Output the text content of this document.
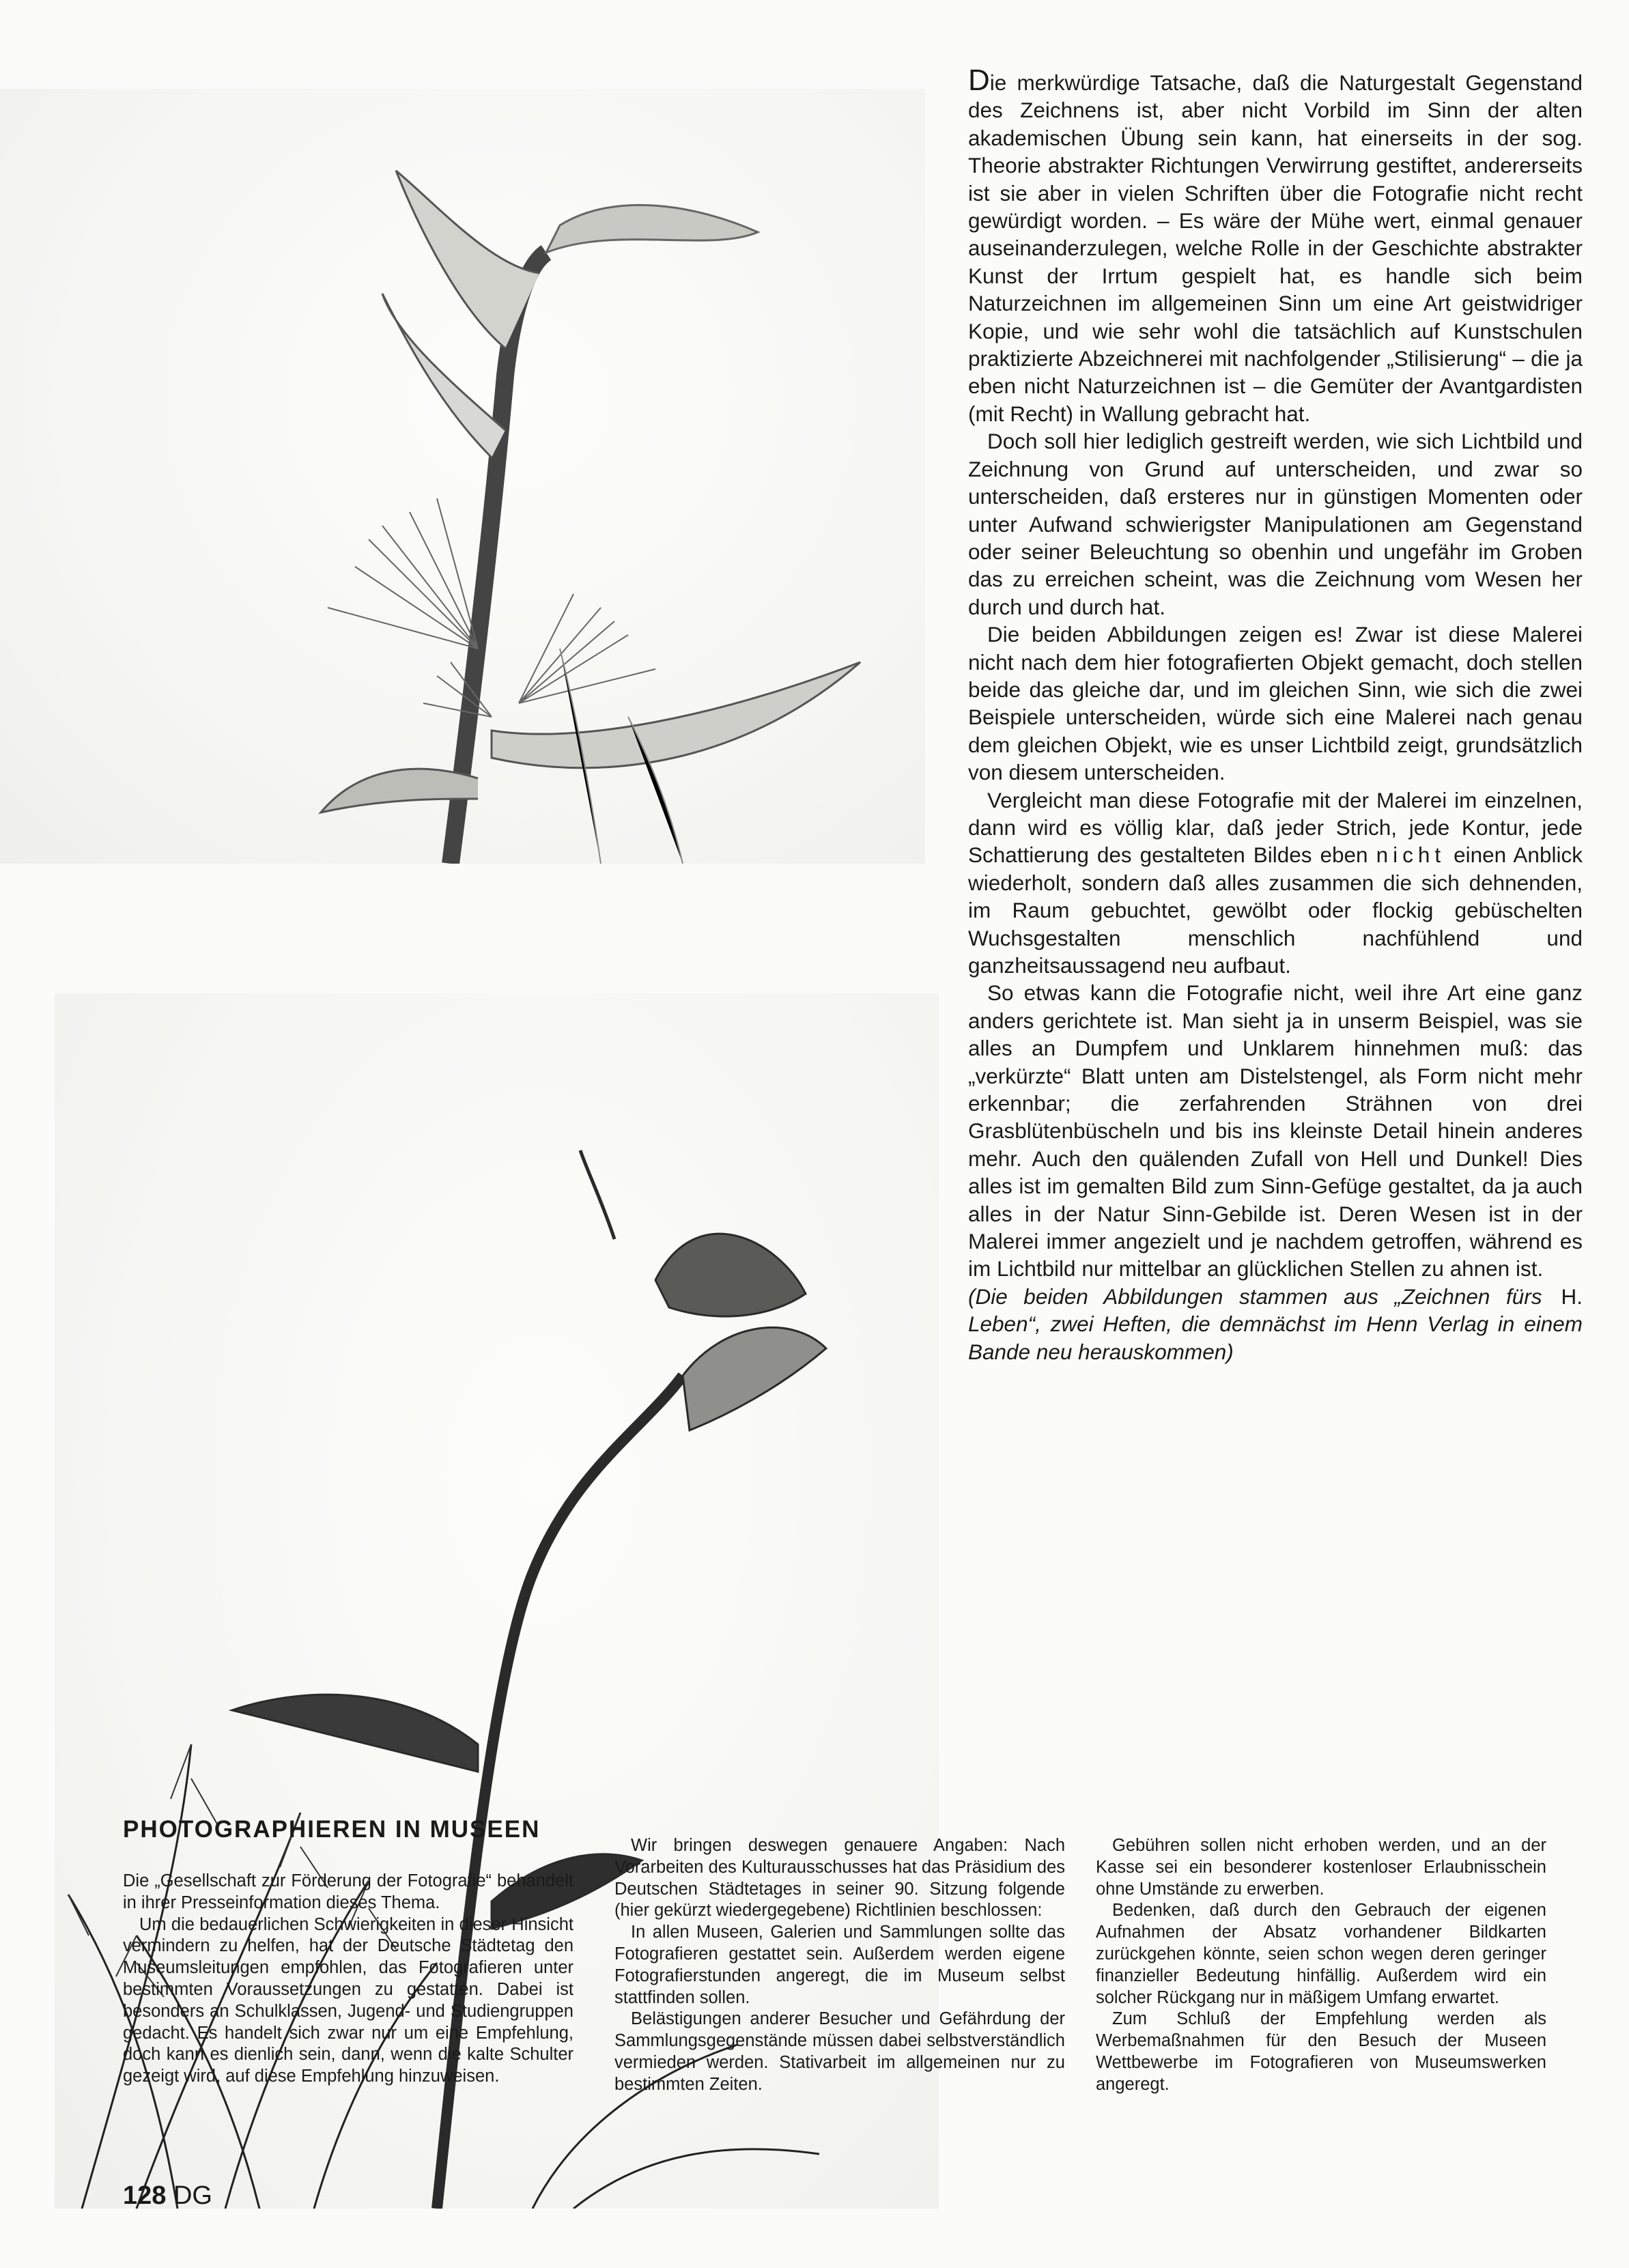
Die merkwürdige Tatsache, daß die Naturgestalt Gegenstand des Zeichnens ist, aber nicht Vorbild im Sinn der alten akademischen Übung sein kann, hat einerseits in der sog. Theorie abstrakter Richtungen Verwirrung gestiftet, andererseits ist sie aber in vielen Schriften über die Fotografie nicht recht gewürdigt worden. – Es wäre der Mühe wert, einmal genauer auseinanderzulegen, welche Rolle in der Geschichte abstrakter Kunst der Irrtum gespielt hat, es handle sich beim Naturzeichnen im allgemeinen Sinn um eine Art geistwidriger Kopie, und wie sehr wohl die tatsächlich auf Kunstschulen praktizierte Abzeichnerei mit nachfolgender „Stilisierung“ – die ja eben nicht Naturzeichnen ist – die Gemüter der Avantgardisten (mit Recht) in Wallung gebracht hat.

Doch soll hier lediglich gestreift werden, wie sich Lichtbild und Zeichnung von Grund auf unterscheiden, und zwar so unterscheiden, daß ersteres nur in günstigen Momenten oder unter Aufwand schwierigster Manipulationen am Gegenstand oder seiner Beleuchtung so obenhin und ungefähr im Groben das zu erreichen scheint, was die Zeichnung vom Wesen her durch und durch hat.

Die beiden Abbildungen zeigen es! Zwar ist diese Malerei nicht nach dem hier fotografierten Objekt gemacht, doch stellen beide das gleiche dar, und im gleichen Sinn, wie sich die zwei Beispiele unterscheiden, würde sich eine Malerei nach genau dem gleichen Objekt, wie es unser Lichtbild zeigt, grundsätzlich von diesem unterscheiden.

Vergleicht man diese Fotografie mit der Malerei im einzelnen, dann wird es völlig klar, daß jeder Strich, jede Kontur, jede Schattierung des gestalteten Bildes eben nicht einen Anblick wiederholt, sondern daß alles zusammen die sich dehnenden, im Raum gebuchtet, gewölbt oder flockig gebüschelten Wuchsgestalten menschlich nachfühlend und ganzheitsaussagend neu aufbaut.

So etwas kann die Fotografie nicht, weil ihre Art eine ganz anders gerichtete ist. Man sieht ja in unserm Beispiel, was sie alles an Dumpfem und Unklarem hinnehmen muß: das „verkürzte“ Blatt unten am Distelstengel, als Form nicht mehr erkennbar; die zerfahrenden Strähnen von drei Grasblütenbüscheln und bis ins kleinste Detail hinein anderes mehr. Auch den quälenden Zufall von Hell und Dunkel! Dies alles ist im gemalten Bild zum Sinn-Gefüge gestaltet, da ja auch alles in der Natur Sinn-Gebilde ist. Deren Wesen ist in der Malerei immer angezielt und je nachdem getroffen, während es im Lichtbild nur mittelbar an glücklichen Stellen zu ahnen ist.
H.

(Die beiden Abbildungen stammen aus „Zeichnen fürs Leben“, zwei Heften, die demnächst im Henn Verlag in einem Bande neu herauskommen)

PHOTOGRAPHIEREN IN MUSEEN

Die „Gesellschaft zur Förderung der Fotografie“ behandelt in ihrer Presseinformation dieses Thema.

Um die bedauerlichen Schwierigkeiten in dieser Hinsicht vermindern zu helfen, hat der Deutsche Städtetag den Museumsleitungen empfohlen, das Fotografieren unter bestimmten Voraussetzungen zu gestatten. Dabei ist besonders an Schulklassen, Jugend- und Studiengruppen gedacht. Es handelt sich zwar nur um eine Empfehlung, doch kann es dienlich sein, dann, wenn die kalte Schulter gezeigt wird, auf diese Empfehlung hinzuweisen.

Wir bringen deswegen genauere Angaben: Nach Vorarbeiten des Kulturausschusses hat das Präsidium des Deutschen Städtetages in seiner 90. Sitzung folgende (hier gekürzt wiedergegebene) Richtlinien beschlossen:

In allen Museen, Galerien und Sammlungen sollte das Fotografieren gestattet sein. Außerdem werden eigene Fotografierstunden angeregt, die im Museum selbst stattfinden sollen.

Belästigungen anderer Besucher und Gefährdung der Sammlungsgegenstände müssen dabei selbstverständlich vermieden werden. Stativarbeit im allgemeinen nur zu bestimmten Zeiten.

Gebühren sollen nicht erhoben werden, und an der Kasse sei ein besonderer kostenloser Erlaubnisschein ohne Umstände zu erwerben.

Bedenken, daß durch den Gebrauch der eigenen Aufnahmen der Absatz vorhandener Bildkarten zurückgehen könnte, seien schon wegen deren geringer finanzieller Bedeutung hinfällig. Außerdem wird ein solcher Rückgang nur in mäßigem Umfang erwartet.

Zum Schluß der Empfehlung werden als Werbemaßnahmen für den Besuch der Museen Wettbewerbe im Fotografieren von Museumswerken angeregt.

128 DG
